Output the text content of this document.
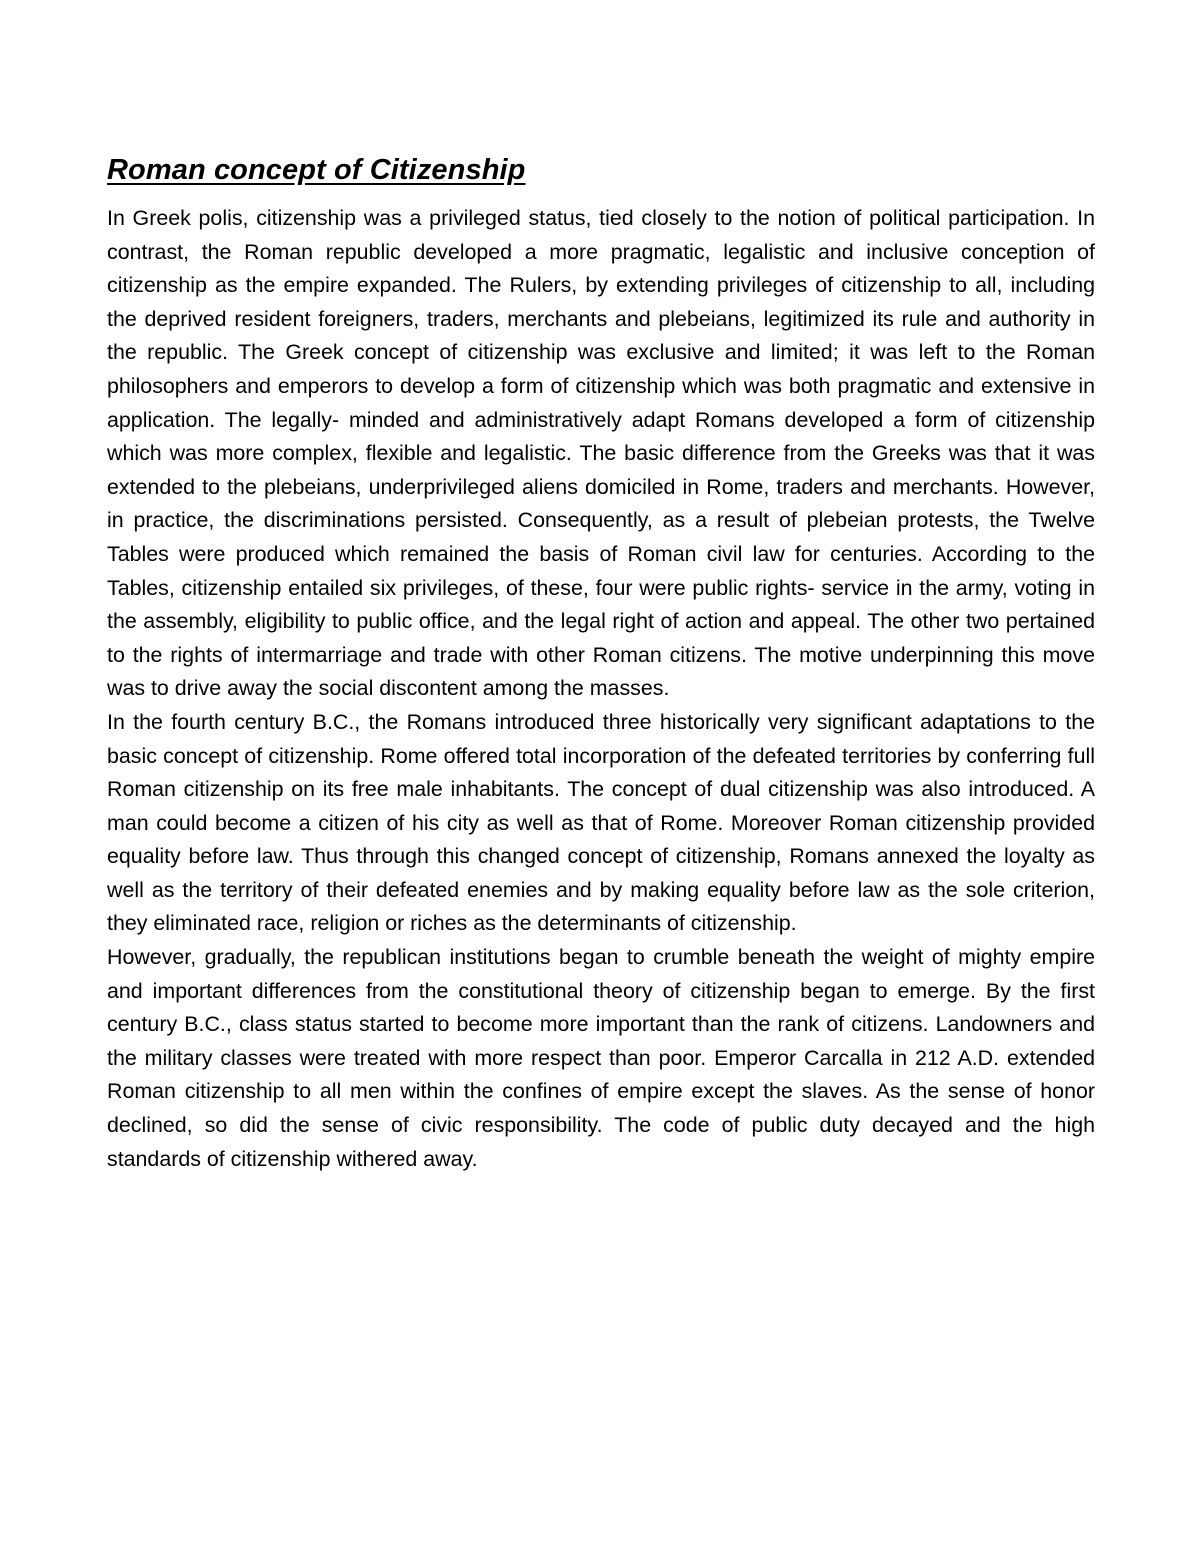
Roman concept of Citizenship

In Greek polis, citizenship was a privileged status, tied closely to the notion of political participation. In contrast, the Roman republic developed a more pragmatic, legalistic and inclusive conception of citizenship as the empire expanded. The Rulers, by extending privileges of citizenship to all, including the deprived resident foreigners, traders, merchants and plebeians, legitimized its rule and authority in the republic. The Greek concept of citizenship was exclusive and limited; it was left to the Roman philosophers and emperors to develop a form of citizenship which was both pragmatic and extensive in application. The legally- minded and administratively adapt Romans developed a form of citizenship which was more complex, flexible and legalistic. The basic difference from the Greeks was that it was extended to the plebeians, underprivileged aliens domiciled in Rome, traders and merchants. However, in practice, the discriminations persisted. Consequently, as a result of plebeian protests, the Twelve Tables were produced which remained the basis of Roman civil law for centuries. According to the Tables, citizenship entailed six privileges, of these, four were public rights- service in the army, voting in the assembly, eligibility to public office, and the legal right of action and appeal. The other two pertained to the rights of intermarriage and trade with other Roman citizens. The motive underpinning this move was to drive away the social discontent among the masses.

In the fourth century B.C., the Romans introduced three historically very significant adaptations to the basic concept of citizenship. Rome offered total incorporation of the defeated territories by conferring full Roman citizenship on its free male inhabitants. The concept of dual citizenship was also introduced. A man could become a citizen of his city as well as that of Rome. Moreover Roman citizenship provided equality before law. Thus through this changed concept of citizenship, Romans annexed the loyalty as well as the territory of their defeated enemies and by making equality before law as the sole criterion, they eliminated race, religion or riches as the determinants of citizenship.

However, gradually, the republican institutions began to crumble beneath the weight of mighty empire and important differences from the constitutional theory of citizenship began to emerge. By the first century B.C., class status started to become more important than the rank of citizens. Landowners and the military classes were treated with more respect than poor. Emperor Carcalla in 212 A.D. extended Roman citizenship to all men within the confines of empire except the slaves. As the sense of honor declined, so did the sense of civic responsibility. The code of public duty decayed and the high standards of citizenship withered away.
